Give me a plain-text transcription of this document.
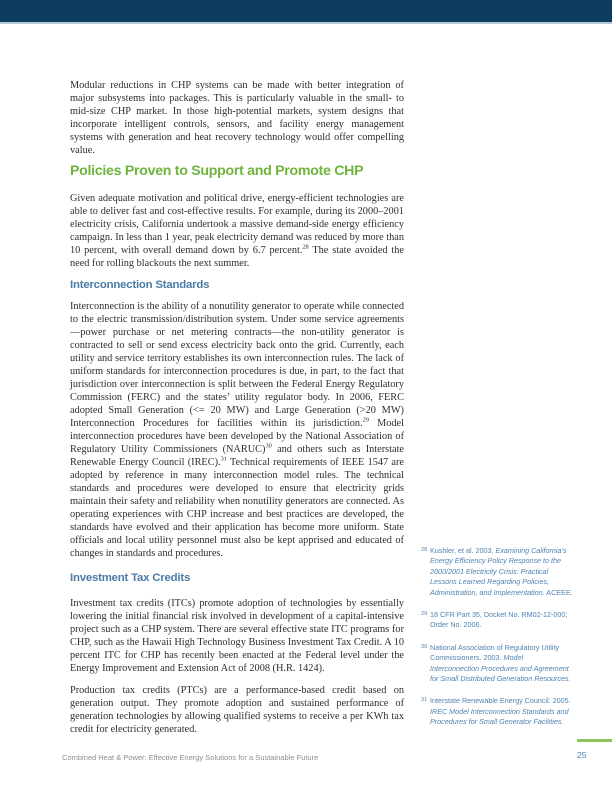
Modular reductions in CHP systems can be made with better integration of major subsystems into packages. This is particularly valuable in the small- to mid-size CHP market. In those high-potential markets, system designs that incorporate intelligent controls, sensors, and facility energy management systems with generation and heat recovery technology would offer compelling value.

Policies Proven to Support and Promote CHP

Given adequate motivation and political drive, energy-efficient technologies are able to deliver fast and cost-effective results. For example, during its 2000–2001 electricity crisis, California undertook a massive demand-side energy efficiency campaign. In less than 1 year, peak electricity demand was reduced by more than 10 percent, with overall demand down by 6.7 percent.$^{28}$ The state avoided the need for rolling blackouts the next summer.

Interconnection Standards

Interconnection is the ability of a nonutility generator to operate while connected to the electric transmission/distribution system. Under some service agreements—power purchase or net metering contracts—the non-utility generator is contracted to sell or send excess electricity back onto the grid. Currently, each utility and service territory establishes its own interconnection rules. The lack of uniform standards for interconnection procedures is due, in part, to the fact that jurisdiction over interconnection is split between the Federal Energy Regulatory Commission (FERC) and the states’ utility regulator body. In 2006, FERC adopted Small Generation (<= 20 MW) and Large Generation (>20 MW) Interconnection Procedures for facilities within its jurisdiction.$^{29}$ Model interconnection procedures have been developed by the National Association of Regulatory Utility Commissioners (NARUC)$^{30}$ and others such as Interstate Renewable Energy Council (IREC).$^{31}$ Technical requirements of IEEE 1547 are adopted by reference in many interconnection model rules. The technical standards and procedures were developed to ensure that electricity grids maintain their safety and reliability when nonutility generators are connected. As operating experiences with CHP increase and best practices are developed, the standards have evolved and their application has become more uniform. State officials and local utility personnel must also be kept apprised and educated of changes in standards and procedures.

Investment Tax Credits

Investment tax credits (ITCs) promote adoption of technologies by essentially lowering the initial financial risk involved in development of a capital-intensive project such as a CHP system. There are several effective state ITC programs for CHP, such as the Hawaii High Technology Business Investment Tax Credit. A 10 percent ITC for CHP has recently been enacted at the Federal level under the Energy Improvement and Extension Act of 2008 (H.R. 1424).

Production tax credits (PTCs) are a performance-based credit based on generation output. They promote adoption and sustained performance of generation technologies by allowing qualified systems to receive a per KWh tax credit for electricity generated.

28 Kushler, et al. 2003. Examining California’s Energy Efficiency Policy Response to the 2000/2001 Electricity Crisis: Practical Lessons Learned Regarding Policies, Administration, and Implementation. ACEEE.
29 18 CFR Part 35, Docket No. RM02-12-000; Order No. 2006.
30 National Association of Regulatory Utility Commissioners. 2003. Model Interconnection Procedures and Agreement for Small Distributed Generation Resources.
31 Interstate Renewable Energy Council. 2005. IREC Model Interconnection Standards and Procedures for Small Generator Facilities.
Combined Heat & Power: Effective Energy Solutions for a Sustainable Future	25
